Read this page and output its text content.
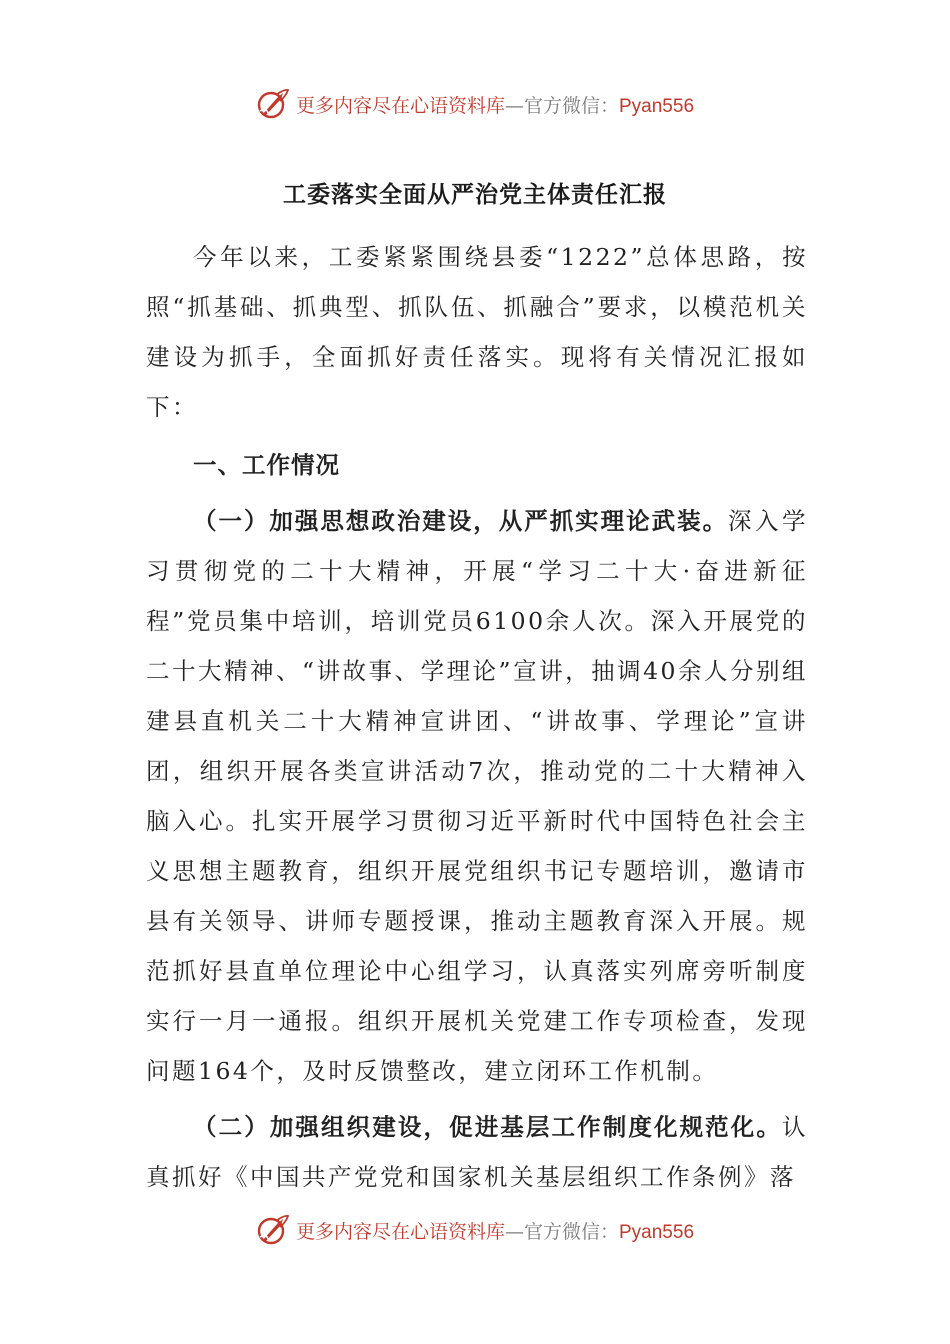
更多内容尽在心语资料库—官方微信：Pyan556
工委落实全面从严治党主体责任汇报

今年以来，工委紧紧围绕县委“1222”总体思路，按照“抓基础、抓典型、抓队伍、抓融合”要求，以模范机关建设为抓手，全面抓好责任落实。现将有关情况汇报如下：

一、工作情况

（一）加强思想政治建设，从严抓实理论武装。深入学习贯彻党的二十大精神，开展“学习二十大·奋进新征程”党员集中培训，培训党员6100余人次。深入开展党的二十大精神、“讲故事、学理论”宣讲，抽调40余人分别组建县直机关二十大精神宣讲团、“讲故事、学理论”宣讲团，组织开展各类宣讲活动7次，推动党的二十大精神入脑入心。扎实开展学习贯彻习近平新时代中国特色社会主义思想主题教育，组织开展党组织书记专题培训，邀请市县有关领导、讲师专题授课，推动主题教育深入开展。规范抓好县直单位理论中心组学习，认真落实列席旁听制度实行一月一通报。组织开展机关党建工作专项检查，发现问题164个，及时反馈整改，建立闭环工作机制。

（二）加强组织建设，促进基层工作制度化规范化。认真抓好《中国共产党党和国家机关基层组织工作条例》落

更多内容尽在心语资料库—官方微信：Pyan556
